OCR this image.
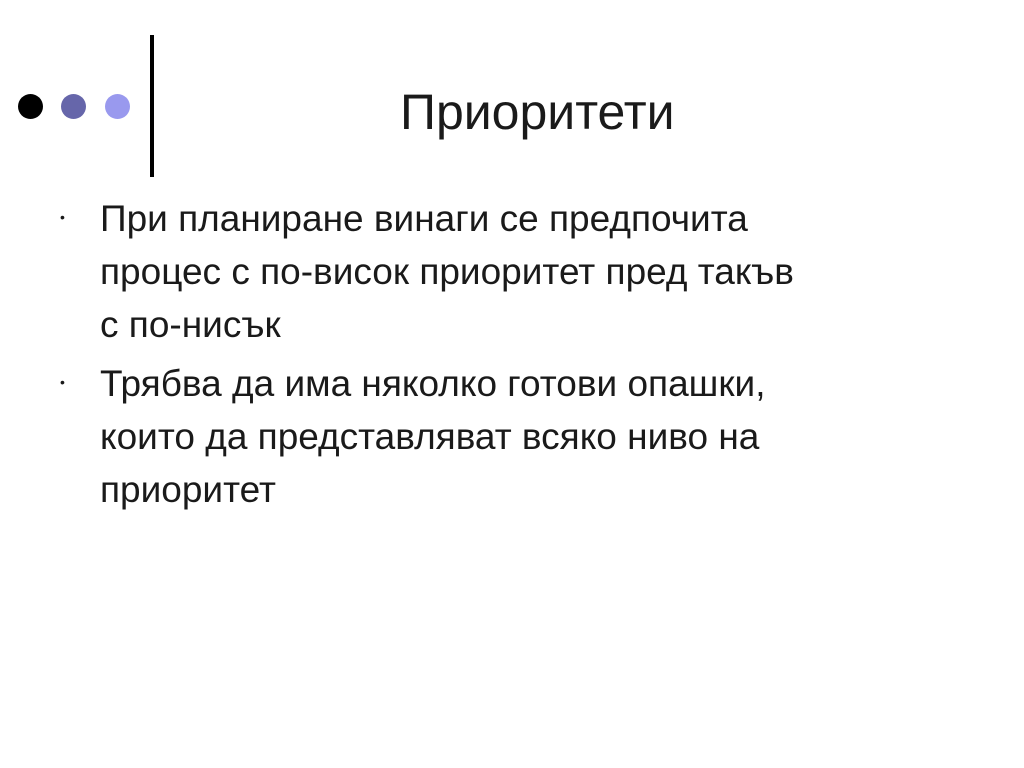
Приоритети
• При планиране винаги се предпочита
процес с по-висок приоритет пред такъв
с по-нисък
• Трябва да има няколко готови опашки,
които да представляват всяко ниво на
приоритет
